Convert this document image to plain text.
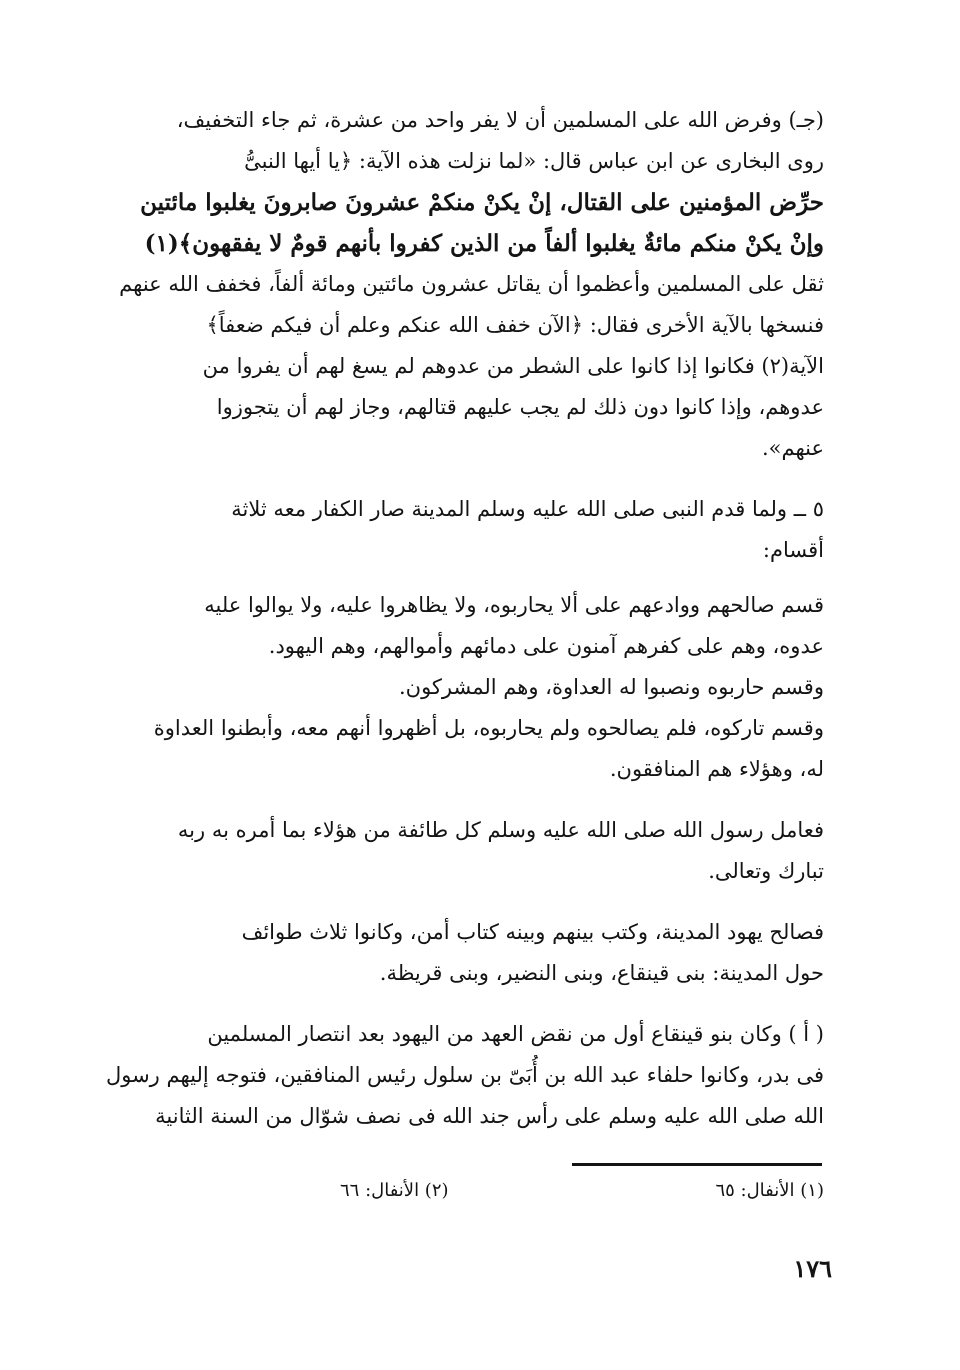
(جـ) وفرض الله على المسلمين أن لا يفر واحد من عشرة، ثم جاء التخفيف،
روى البخارى عن ابن عباس قال: «لما نزلت هذه الآية: ﴿يا أيها النبىُّ
حرِّض المؤمنين على القتال، إنْ يكنْ منكمْ عشرونَ صابرونَ يغلبوا مائتين
وإنْ يكنْ منكم مائةٌ يغلبوا ألفاً من الذين كفروا بأنهم قومٌ لا يفقهون﴾(١)
ثقل على المسلمين وأعظموا أن يقاتل عشرون مائتين ومائة ألفاً، فخفف الله عنهم
فنسخها بالآية الأخرى فقال: ﴿الآن خفف الله عنكم وعلم أن فيكم ضعفاً﴾
الآية(٢) فكانوا إذا كانوا على الشطر من عدوهم لم يسغ لهم أن يفروا من
عدوهم، وإذا كانوا دون ذلك لم يجب عليهم قتالهم، وجاز لهم أن يتجوزوا
عنهم».
٥ ــ ولما قدم النبى صلى الله عليه وسلم المدينة صار الكفار معه ثلاثة
أقسام:
قسم صالحهم ووادعهم على ألا يحاربوه، ولا يظاهروا عليه، ولا يوالوا عليه
عدوه، وهم على كفرهم آمنون على دمائهم وأموالهم، وهم اليهود.
وقسم حاربوه ونصبوا له العداوة، وهم المشركون.
وقسم تاركوه، فلم يصالحوه ولم يحاربوه، بل أظهروا أنهم معه، وأبطنوا العداوة
له، وهؤلاء هم المنافقون.
فعامل رسول الله صلى الله عليه وسلم كل طائفة من هؤلاء بما أمره به ربه
تبارك وتعالى.
فصالح يهود المدينة، وكتب بينهم وبينه كتاب أمن، وكانوا ثلاث طوائف
حول المدينة: بنى قينقاع، وبنى النضير، وبنى قريظة.
( أ ) وكان بنو قينقاع أول من نقض العهد من اليهود بعد انتصار المسلمين
فى بدر، وكانوا حلفاء عبد الله بن أُبَىّ بن سلول رئيس المنافقين، فتوجه إليهم رسول
الله صلى الله عليه وسلم على رأس جند الله فى نصف شوّال من السنة الثانية
(١) الأنفال: ٦٥
(٢) الأنفال: ٦٦
١٧٦
